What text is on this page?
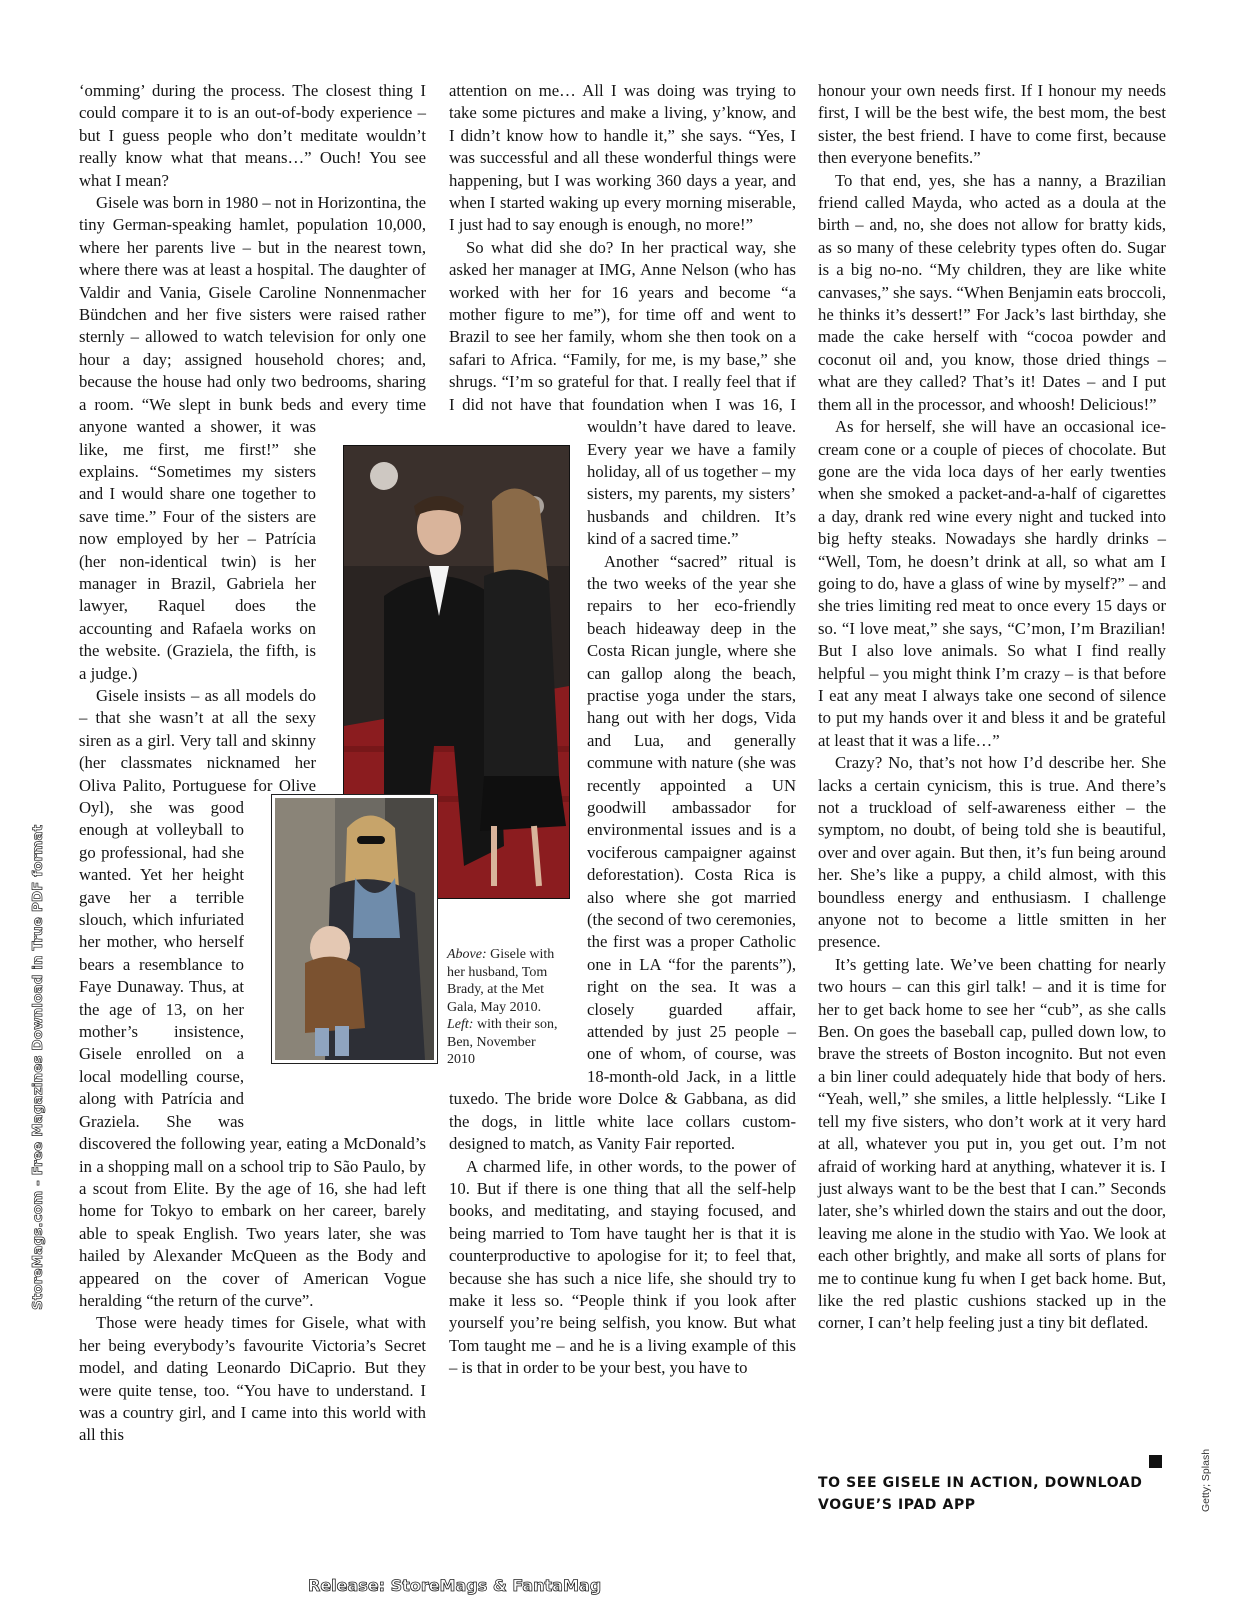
‘omming’ during the process. The closest thing I could compare it to is an out-of-body experience – but I guess people who don’t meditate wouldn’t really know what that means…” Ouch! You see what I mean?

Gisele was born in 1980 – not in Horizontina, the tiny German-speaking hamlet, population 10,000, where her parents live – but in the nearest town, where there was at least a hospital. The daughter of Valdir and Vania, Gisele Caroline Nonnenmacher Bündchen and her five sisters were raised rather sternly – allowed to watch television for only one hour a day; assigned household chores; and, because the house had only two bedrooms, sharing a room. “We slept in bunk beds and every time anyone wanted a shower, it was like, me first, me first!” she explains. “Sometimes my sisters and I would share one together to save time.” Four of the sisters are now employed by her – Patrícia (her non-identical twin) is her manager in Brazil, Gabriela her lawyer, Raquel does the accounting and Rafaela works on the website. (Graziela, the fifth, is a judge.)

Gisele insists – as all models do – that she wasn’t at all the sexy siren as a girl. Very tall and skinny (her classmates nicknamed her Oliva Palito, Portuguese for Olive Oyl), she was good enough at volleyball to go professional, had she wanted. Yet her height gave her a terrible slouch, which infuriated her mother, who herself bears a resemblance to Faye Dunaway. Thus, at the age of 13, on her mother’s insistence, Gisele enrolled on a local modelling course, along with Patrícia and Graziela. She was discovered the following year, eating a McDonald’s in a shopping mall on a school trip to São Paulo, by a scout from Elite. By the age of 16, she had left home for Tokyo to embark on her career, barely able to speak English. Two years later, she was hailed by Alexander McQueen as the Body and appeared on the cover of American Vogue heralding “the return of the curve”.

Those were heady times for Gisele, what with her being everybody’s favourite Victoria’s Secret model, and dating Leonardo DiCaprio. But they were quite tense, too. “You have to understand. I was a country girl, and I came into this world with all this

attention on me… All I was doing was trying to take some pictures and make a living, y’know, and I didn’t know how to handle it,” she says. “Yes, I was successful and all these wonderful things were happening, but I was working 360 days a year, and when I started waking up every morning miserable, I just had to say enough is enough, no more!”

So what did she do? In her practical way, she asked her manager at IMG, Anne Nelson (who has worked with her for 16 years and become “a mother figure to me”), for time off and went to Brazil to see her family, whom she then took on a safari to Africa. “Family, for me, is my base,” she shrugs. “I’m so grateful for that. I really feel that if I did not have that foundation when I was 16, I wouldn’t have dared to leave. Every year we have a family holiday, all of us together – my sisters, my parents, my sisters’ husbands and children. It’s kind of a sacred time.”

Another “sacred” ritual is the two weeks of the year she repairs to her eco-friendly beach hideaway deep in the Costa Rican jungle, where she can gallop along the beach, practise yoga under the stars, hang out with her dogs, Vida and Lua, and generally commune with nature (she was recently appointed a UN goodwill ambassador for environmental issues and is a vociferous campaigner against deforestation). Costa Rica is also where she got married (the second of two ceremonies, the first was a proper Catholic one in LA “for the parents”), right on the sea. It was a closely guarded affair, attended by just 25 people – one of whom, of course, was 18-month-old Jack, in a little tuxedo. The bride wore Dolce & Gabbana, as did the dogs, in little white lace collars custom-designed to match, as Vanity Fair reported.

A charmed life, in other words, to the power of 10. But if there is one thing that all the self-help books, and meditating, and staying focused, and being married to Tom have taught her is that it is counterproductive to apologise for it; to feel that, because she has such a nice life, she should try to make it less so. “People think if you look after yourself you’re being selfish, you know. But what Tom taught me – and he is a living example of this – is that in order to be your best, you have to

honour your own needs first. If I honour my needs first, I will be the best wife, the best mom, the best sister, the best friend. I have to come first, because then everyone benefits.”

To that end, yes, she has a nanny, a Brazilian friend called Mayda, who acted as a doula at the birth – and, no, she does not allow for bratty kids, as so many of these celebrity types often do. Sugar is a big no-no. “My children, they are like white canvases,” she says. “When Benjamin eats broccoli, he thinks it’s dessert!” For Jack’s last birthday, she made the cake herself with “cocoa powder and coconut oil and, you know, those dried things – what are they called? That’s it! Dates – and I put them all in the processor, and whoosh! Delicious!”

As for herself, she will have an occasional ice-cream cone or a couple of pieces of chocolate. But gone are the vida loca days of her early twenties when she smoked a packet-and-a-half of cigarettes a day, drank red wine every night and tucked into big hefty steaks. Nowadays she hardly drinks – “Well, Tom, he doesn’t drink at all, so what am I going to do, have a glass of wine by myself?” – and she tries limiting red meat to once every 15 days or so. “I love meat,” she says, “C’mon, I’m Brazilian! But I also love animals. So what I find really helpful – you might think I’m crazy – is that before I eat any meat I always take one second of silence to put my hands over it and bless it and be grateful at least that it was a life…”

Crazy? No, that’s not how I’d describe her. She lacks a certain cynicism, this is true. And there’s not a truckload of self-awareness either – the symptom, no doubt, of being told she is beautiful, over and over again. But then, it’s fun being around her. She’s like a puppy, a child almost, with this boundless energy and enthusiasm. I challenge anyone not to become a little smitten in her presence.

It’s getting late. We’ve been chatting for nearly two hours – can this girl talk! – and it is time for her to get back home to see her “cub”, as she calls Ben. On goes the baseball cap, pulled down low, to brave the streets of Boston incognito. But not even a bin liner could adequately hide that body of hers. “Yeah, well,” she smiles, a little helplessly. “Like I tell my five sisters, who don’t work at it very hard at all, whatever you put in, you get out. I’m not afraid of working hard at anything, whatever it is. I just always want to be the best that I can.” Seconds later, she’s whirled down the stairs and out the door, leaving me alone in the studio with Yao. We look at each other brightly, and make all sorts of plans for me to continue kung fu when I get back home. But, like the red plastic cushions stacked up in the corner, I can’t help feeling just a tiny bit deflated.

Above: Gisele with her husband, Tom Brady, at the Met Gala, May 2010. Left: with their son, Ben, November 2010
TO SEE GISELE IN ACTION, DOWNLOAD VOGUE’S IPAD APP	Getty; Splash
StoreMags.com - Free Magazines Download in True PDF format
Release: StoreMags & FantaMag
